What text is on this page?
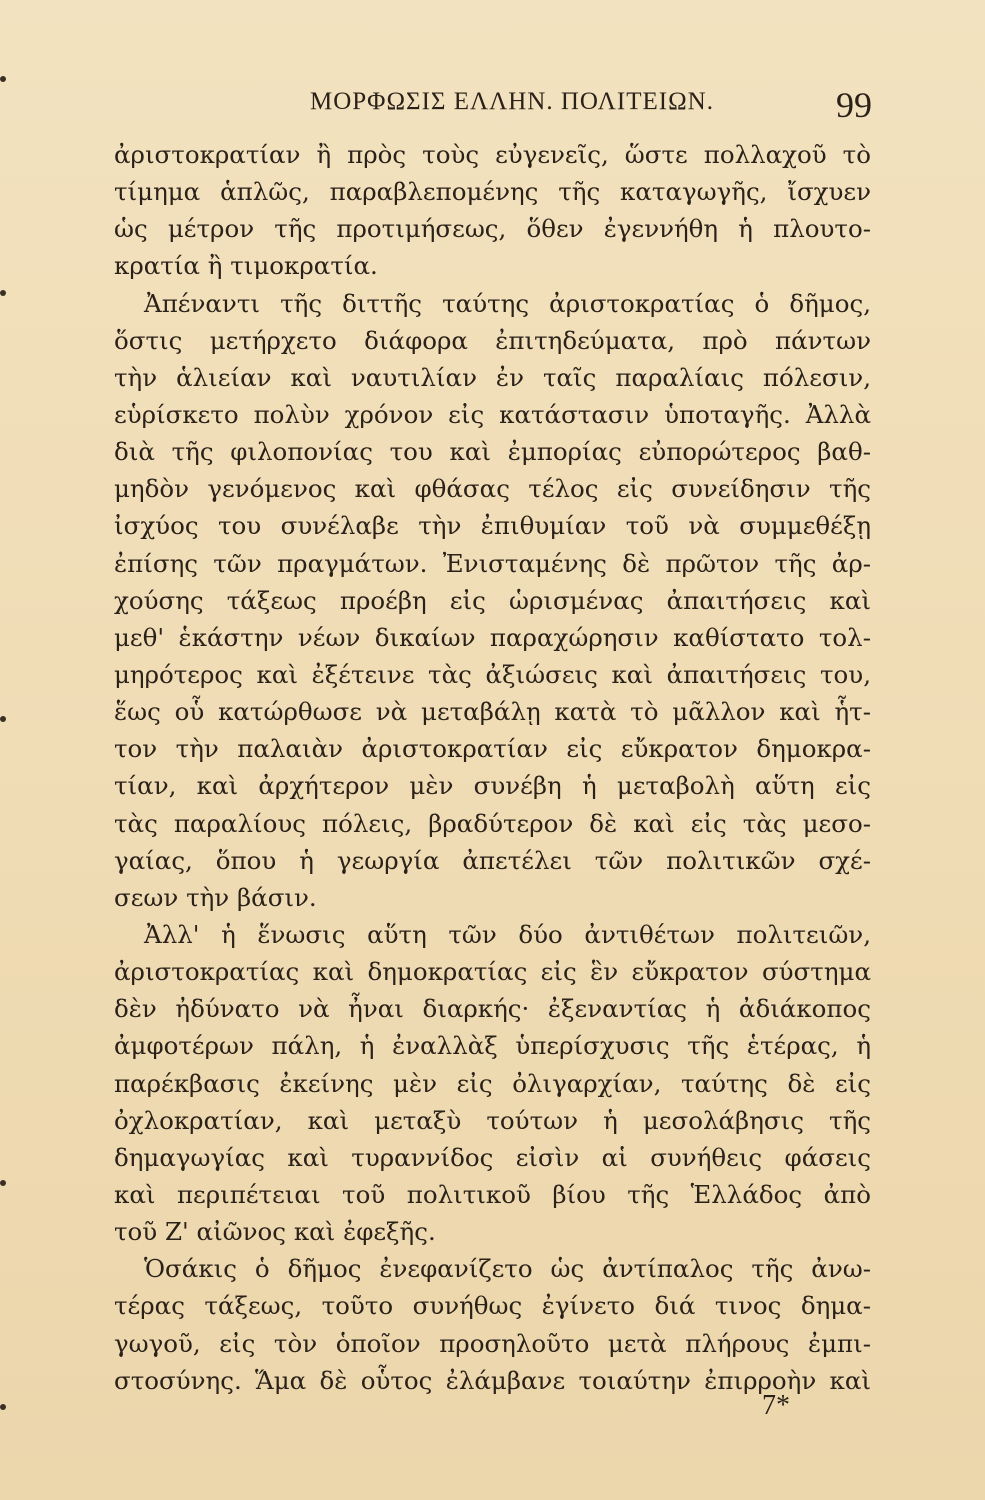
ΜΟΡΦΩΣΙΣ ΕΛΛΗΝ. ΠΟΛΙΤΕΙΩΝ.	99
ἀριστοκρατίαν ἢ πρὸς τοὺς εὐγενεῖς, ὥστε πολλαχοῦ τὸ
τίμημα ἁπλῶς, παραβλεπομένης τῆς καταγωγῆς, ἴσχυεν
ὡς μέτρον τῆς προτιμήσεως, ὅθεν ἐγεννήθη ἡ πλουτο-
κρατία ἢ τιμοκρατία.
Ἀπέναντι τῆς διττῆς ταύτης ἀριστοκρατίας ὁ δῆμος,
ὅστις μετήρχετο διάφορα ἐπιτηδεύματα, πρὸ πάντων
τὴν ἁλιείαν καὶ ναυτιλίαν ἐν ταῖς παραλίαις πόλεσιν,
εὑρίσκετο πολὺν χρόνον εἰς κατάστασιν ὑποταγῆς. Ἀλλὰ
διὰ τῆς φιλοπονίας του καὶ ἐμπορίας εὐπορώτερος βαθ-
μηδὸν γενόμενος καὶ φθάσας τέλος εἰς συνείδησιν τῆς
ἰσχύος του συνέλαβε τὴν ἐπιθυμίαν τοῦ νὰ συμμεθέξῃ
ἐπίσης τῶν πραγμάτων. Ἐνισταμένης δὲ πρῶτον τῆς ἀρ-
χούσης τάξεως προέβη εἰς ὡρισμένας ἀπαιτήσεις καὶ
μεθ' ἑκάστην νέων δικαίων παραχώρησιν καθίστατο τολ-
μηρότερος καὶ ἐξέτεινε τὰς ἀξιώσεις καὶ ἀπαιτήσεις του,
ἕως οὗ κατώρθωσε νὰ μεταβάλῃ κατὰ τὸ μᾶλλον καὶ ἧτ-
τον τὴν παλαιὰν ἀριστοκρατίαν εἰς εὔκρατον δημοκρα-
τίαν, καὶ ἀρχήτερον μὲν συνέβη ἡ μεταβολὴ αὕτη εἰς
τὰς παραλίους πόλεις, βραδύτερον δὲ καὶ εἰς τὰς μεσο-
γαίας, ὅπου ἡ γεωργία ἀπετέλει τῶν πολιτικῶν σχέ-
σεων τὴν βάσιν.
Ἀλλ' ἡ ἕνωσις αὕτη τῶν δύο ἀντιθέτων πολιτειῶν,
ἀριστοκρατίας καὶ δημοκρατίας εἰς ἓν εὔκρατον σύστημα
δὲν ἠδύνατο νὰ ἦναι διαρκής· ἐξεναντίας ἡ ἀδιάκοπος
ἀμφοτέρων πάλη, ἡ ἐναλλὰξ ὑπερίσχυσις τῆς ἑτέρας, ἡ
παρέκβασις ἐκείνης μὲν εἰς ὀλιγαρχίαν, ταύτης δὲ εἰς
ὀχλοκρατίαν, καὶ μεταξὺ τούτων ἡ μεσολάβησις τῆς
δημαγωγίας καὶ τυραννίδος εἰσὶν αἱ συνήθεις φάσεις
καὶ περιπέτειαι τοῦ πολιτικοῦ βίου τῆς Ἑλλάδος ἀπὸ
τοῦ Ζ' αἰῶνος καὶ ἐφεξῆς.
Ὁσάκις ὁ δῆμος ἐνεφανίζετο ὡς ἀντίπαλος τῆς ἀνω-
τέρας τάξεως, τοῦτο συνήθως ἐγίνετο διά τινος δημα-
γωγοῦ, εἰς τὸν ὁποῖον προσηλοῦτο μετὰ πλήρους ἐμπι-
στοσύνης. Ἅμα δὲ οὗτος ἐλάμβανε τοιαύτην ἐπιρροὴν καὶ
7*
